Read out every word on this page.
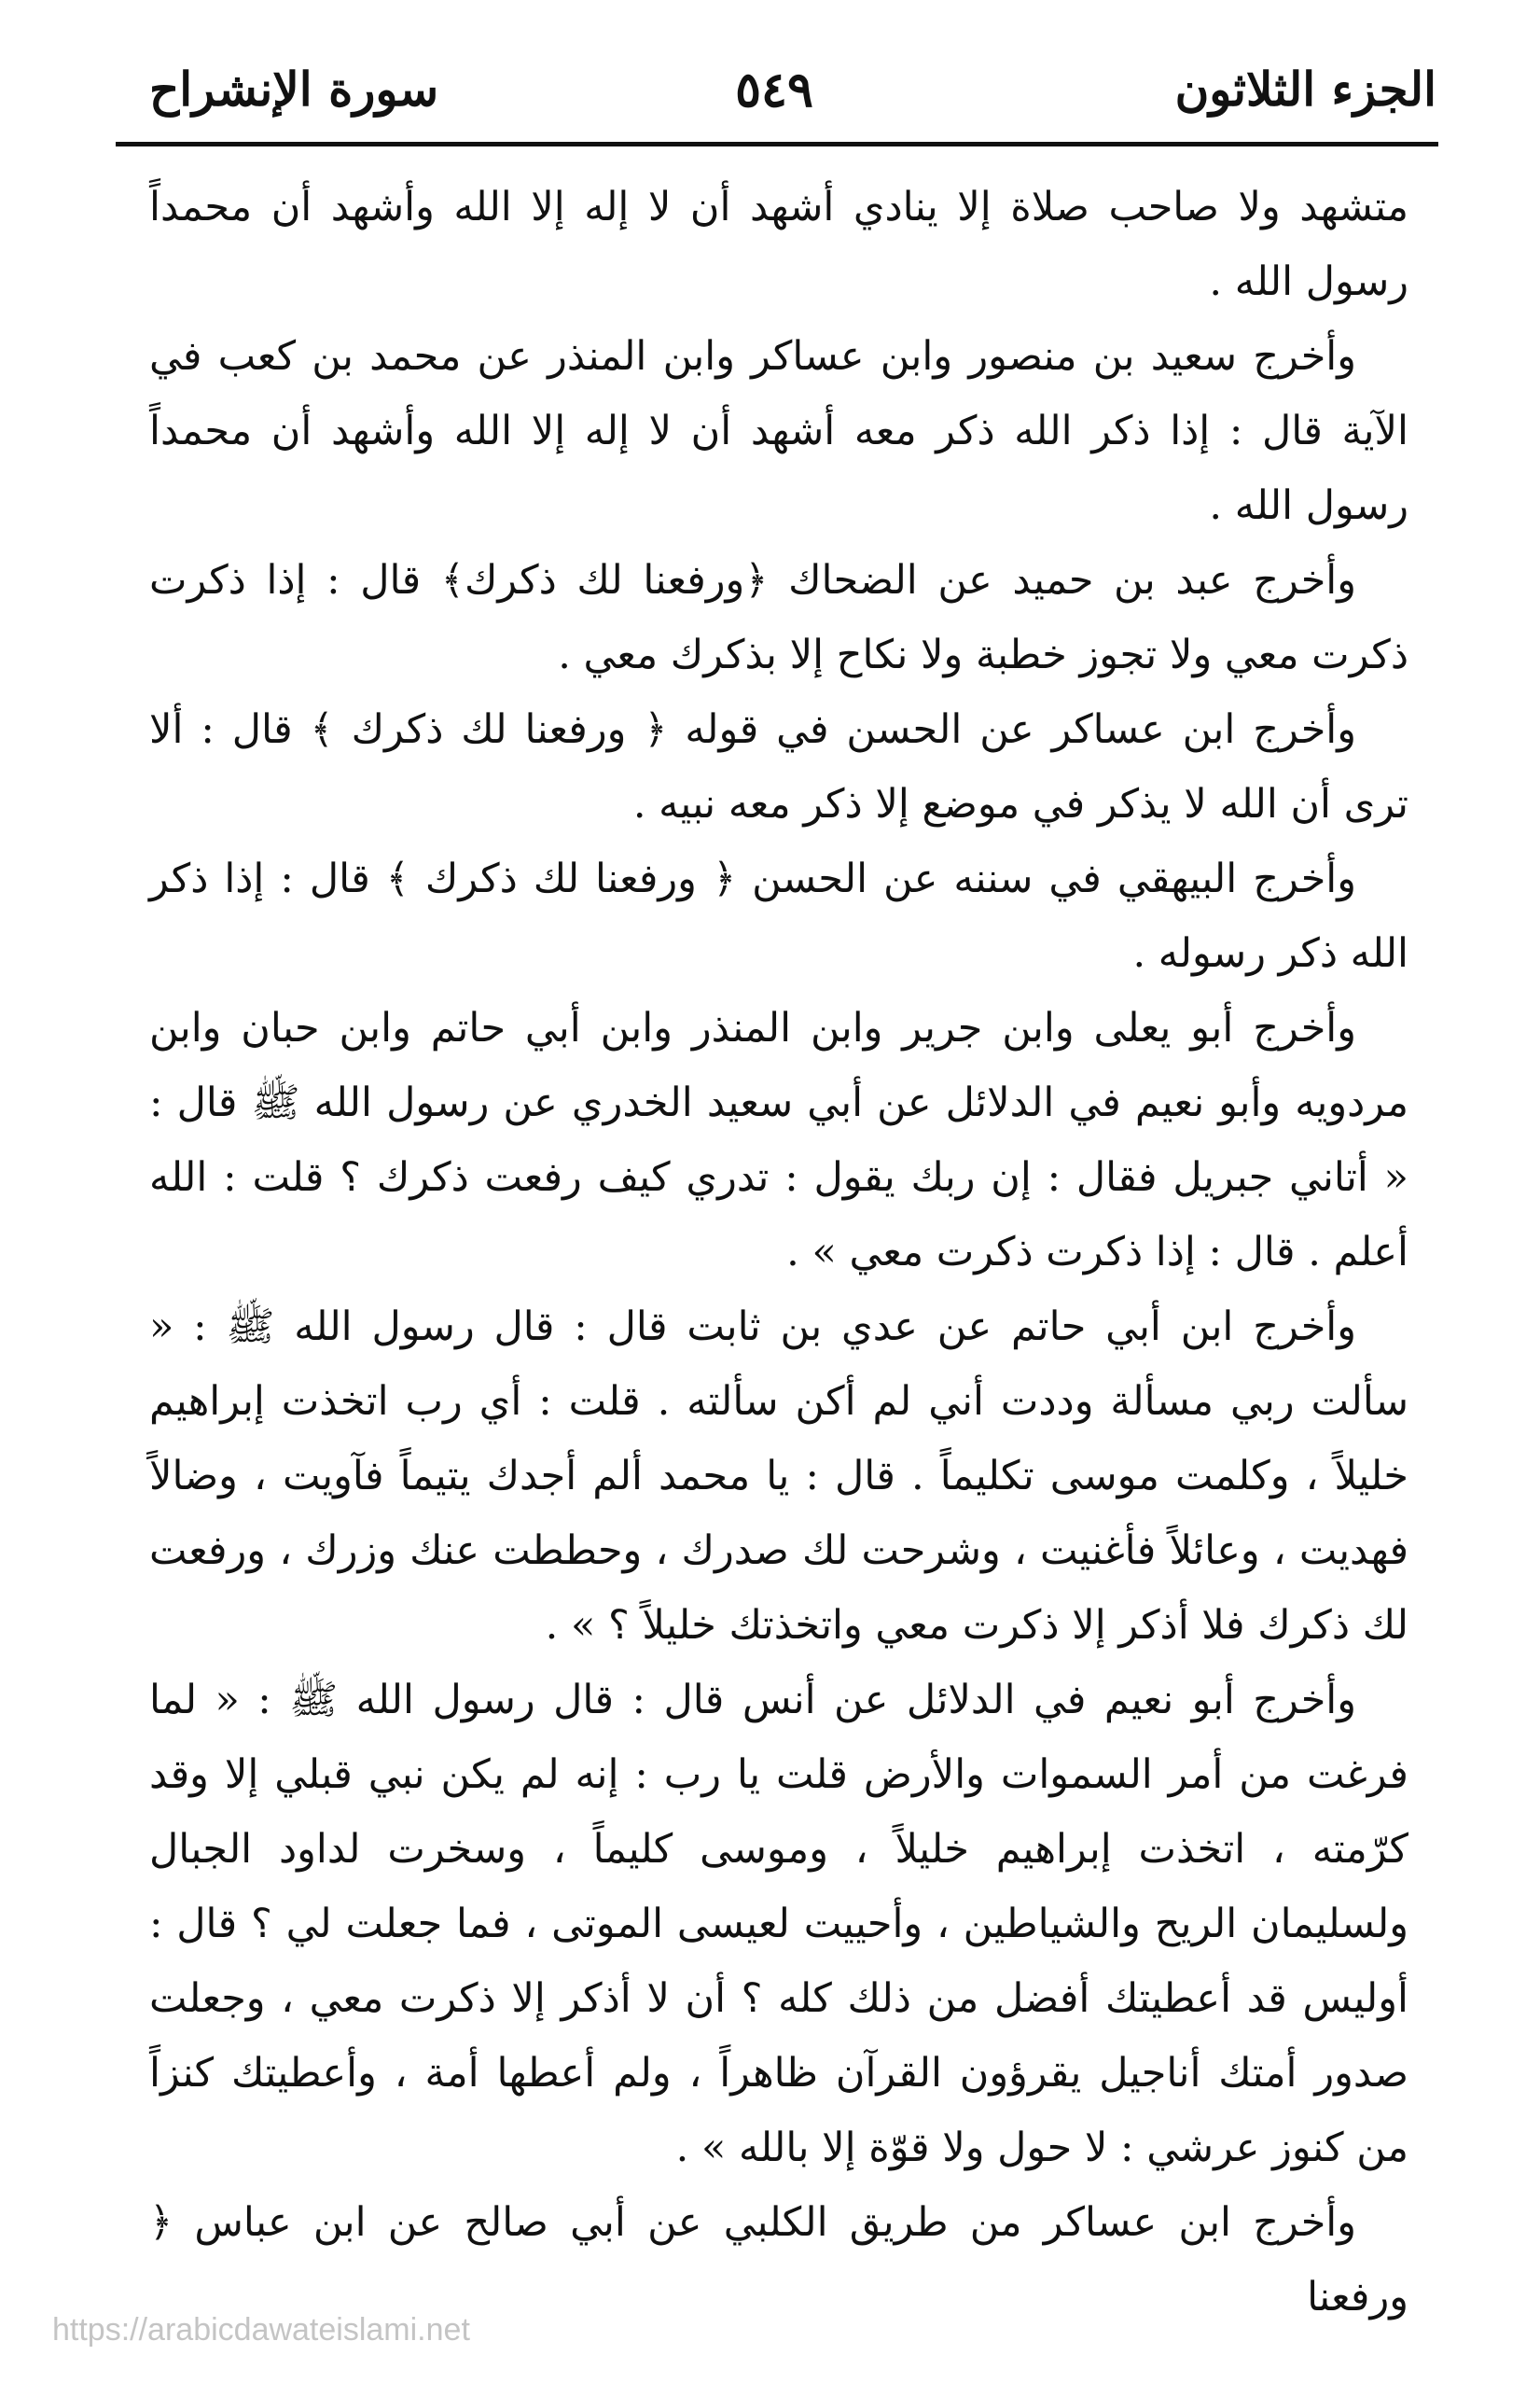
الجزء الثلاثون
٥٤٩
سورة الإنشراح

متشهد ولا صاحب صلاة إلا ينادي أشهد أن لا إله إلا الله وأشهد أن محمداً رسول الله .

وأخرج سعيد بن منصور وابن عساكر وابن المنذر عن محمد بن كعب في الآية قال : إذا ذكر الله ذكر معه أشهد أن لا إله إلا الله وأشهد أن محمداً رسول الله .

وأخرج عبد بن حميد عن الضحاك ﴿ورفعنا لك ذكرك﴾ قال : إذا ذكرت ذكرت معي ولا تجوز خطبة ولا نكاح إلا بذكرك معي .

وأخرج ابن عساكر عن الحسن في قوله ﴿ ورفعنا لك ذكرك ﴾ قال : ألا ترى أن الله لا يذكر في موضع إلا ذكر معه نبيه .

وأخرج البيهقي في سننه عن الحسن ﴿ ورفعنا لك ذكرك ﴾ قال : إذا ذكر الله ذكر رسوله .

وأخرج أبو يعلى وابن جرير وابن المنذر وابن أبي حاتم وابن حبان وابن مردويه وأبو نعيم في الدلائل عن أبي سعيد الخدري عن رسول الله ﷺ قال : « أتاني جبريل فقال : إن ربك يقول : تدري كيف رفعت ذكرك ؟ قلت : الله أعلم . قال : إذا ذكرت ذكرت معي » .

وأخرج ابن أبي حاتم عن عدي بن ثابت قال : قال رسول الله ﷺ : « سألت ربي مسألة وددت أني لم أكن سألته . قلت : أي رب اتخذت إبراهيم خليلاً ، وكلمت موسى تكليماً . قال : يا محمد ألم أجدك يتيماً فآويت ، وضالاً فهديت ، وعائلاً فأغنيت ، وشرحت لك صدرك ، وحططت عنك وزرك ، ورفعت لك ذكرك فلا أذكر إلا ذكرت معي واتخذتك خليلاً ؟ » .

وأخرج أبو نعيم في الدلائل عن أنس قال : قال رسول الله ﷺ : « لما فرغت من أمر السموات والأرض قلت يا رب : إنه لم يكن نبي قبلي إلا وقد كرّمته ، اتخذت إبراهيم خليلاً ، وموسى كليماً ، وسخرت لداود الجبال ولسليمان الريح والشياطين ، وأحييت لعيسى الموتى ، فما جعلت لي ؟ قال : أوليس قد أعطيتك أفضل من ذلك كله ؟ أن لا أذكر إلا ذكرت معي ، وجعلت صدور أمتك أناجيل يقرؤون القرآن ظاهراً ، ولم أعطها أمة ، وأعطيتك كنزاً من كنوز عرشي : لا حول ولا قوّة إلا بالله » .

وأخرج ابن عساكر من طريق الكلبي عن أبي صالح عن ابن عباس ﴿ ورفعنا

https://arabicdawateislami.net
